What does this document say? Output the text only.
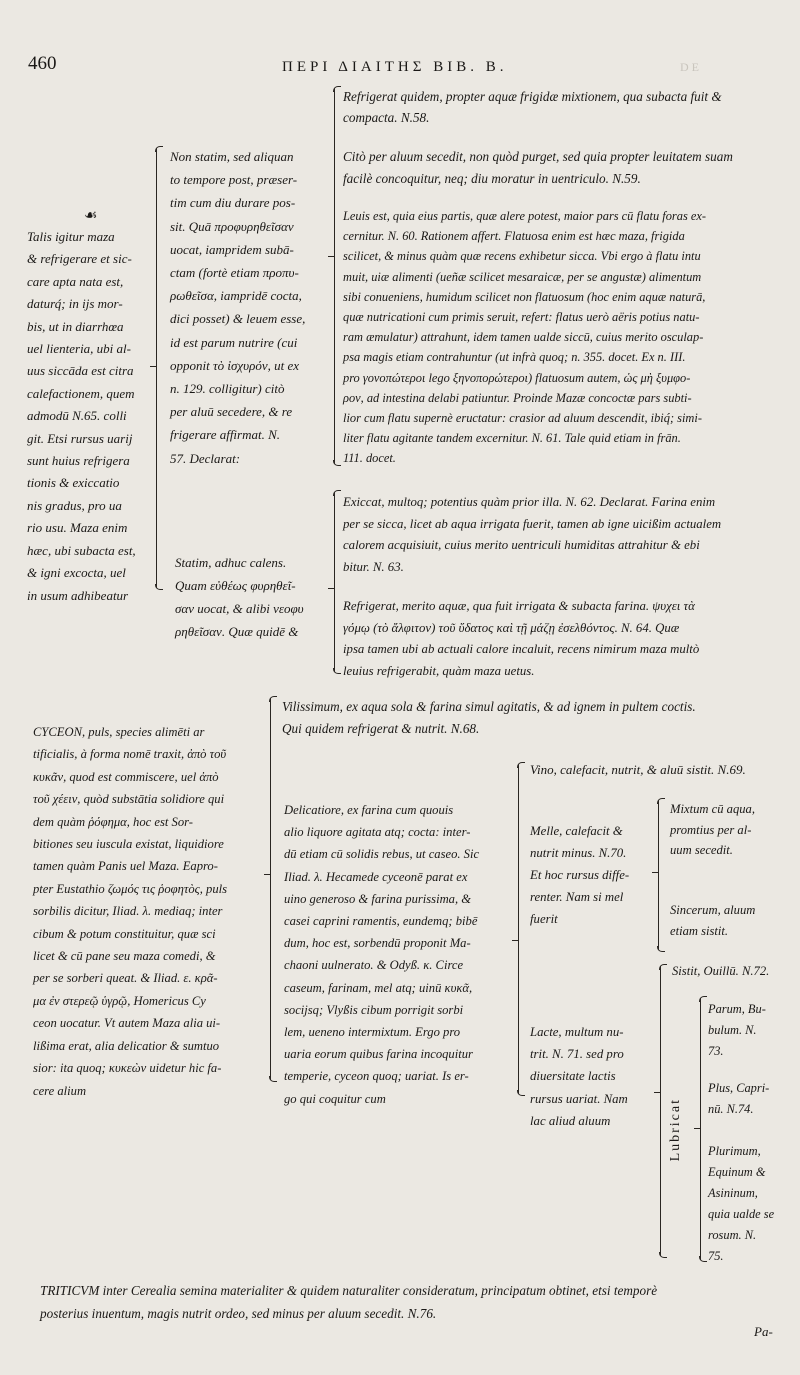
460	ΠΕΡΙ ΔΙΑΙΤΗΣ ΒΙΒ. Β.	D E
☙
Talis igitur maza
& refrigerare et sic-
care apta nata est,
daturq́; in ijs mor-
bis, ut in diarrhœa
uel lienteria, ubi al-
uus siccāda est citra
calefactionem, quem
admodū N.65. colli
git. Etsi rursus uarij
sunt huius refrigera
tionis & exiccatio
nis gradus, pro ua
rio usu. Maza enim
hæc, ubi subacta est,
& igni excocta, uel
in usum adhibeatur
Non statim, sed aliquan
to tempore post, præser-
tim cum diu durare pos-
sit. Quā προφυρηθεῖσαν
uocat, iampridem subā-
ctam (fortè etiam πρoπυ-
ρωθεῖσα, iampridē cocta,
dici posset) & leuem esse,
id est parum nutrire (cui
opponit τὸ ἰσχυρόν, ut ex
n. 129. colligitur) citò
per aluū secedere, & re
frigerare affirmat. N.
57. Declarat:
Refrigerat quidem, propter aquæ frigidæ mixtionem, qua subacta fuit &
compacta. N.58.
Citò per aluum secedit, non quòd purget, sed quia propter leuitatem suam
facilè concoquitur, neq; diu moratur in uentriculo. N.59.
Leuis est, quia eius partis, quæ alere potest, maior pars cū flatu foras ex-
cernitur. N. 60. Rationem affert. Flatuosa enim est hæc maza, frigida
scilicet, & minus quàm quæ recens exhibetur sicca. Vbi ergo à flatu intu
muit, uiæ alimenti (ueñæ scilicet mesaraicæ, per se angustæ) alimentum
sibi conueniens, humidum scilicet non flatuosum (hoc enim aquæ naturā,
quæ nutricationi cum primis seruit, refert: flatus uerò aëris potius natu-
ram æmulatur) attrahunt, idem tamen ualde siccū, cuius merito osculap-
psa magis etiam contrahuntur (ut infrà quoq; n. 355. docet. Ex n. III.
pro γονοπώτεροι lego ξηνοπορώτεροι) flatuosum autem, ὡς μὴ ξυμφο-
ρον, ad intestina delabi patiuntur. Proinde Mazæ concoctæ pars subti-
lior cum flatu supernè eructatur: crasior ad aluum descendit, ibiq́; simi-
liter flatu agitante tandem excernitur. N. 61. Tale quid etiam in frān.
111. docet.
Statim, adhuc calens.
Quam εὐθέως φυρηθεῖ-
σαν uocat, & alibi νεοφυ
ρηθεῖσαν. Quæ quidē &
Exiccat, multoq; potentius quàm prior illa. N. 62. Declarat. Farina enim
per se sicca, licet ab aqua irrigata fuerit, tamen ab igne uicißim actualem
calorem acquisiuit, cuius merito uentriculi humiditas attrahitur & ebi
bitur. N. 63.
Refrigerat, merito aquæ, qua fuit irrigata & subacta farina. ψυχει τὰ
γόμῳ (τὸ ἄλφιτον) τοῦ ὕδατος καὶ τῇ μάζῃ ἐσελθόντος. N. 64. Quæ
ipsa tamen ubi ab actuali calore incaluit, recens nimirum maza multò
leuius refrigerabit, quàm maza uetus.
CYCEON, puls, species alimēti ar
tificialis, à forma nomē traxit, ἀπὸ τοῦ
κυκᾶν, quod est commiscere, uel ἀπὸ
τοῦ χέειν, quòd substātia solidiore qui
dem quàm ῥόφημα, hoc est Sor-
bitiones seu iuscula existat, liquidiore
tamen quàm Panis uel Maza. Eapro-
pter Eustathio ζωμός τις ῥοφητὸς, puls
sorbilis dicitur, Iliad. λ. mediaq; inter
cibum & potum constituitur, quæ sci
licet & cū pane seu maza comedi, &
per se sorberi queat. & Iliad. ε. κρᾶ-
μα ἐν στερεῷ ὑγρῷ, Homericus Cy
ceon uocatur. Vt autem Maza alia ui-
lißima erat, alia delicatior & sumtuo
sior: ita quoq; κυκεὼν uidetur hic fa-
cere alium
Vilissimum, ex aqua sola & farina simul agitatis, & ad ignem in pultem coctis.
Qui quidem refrigerat & nutrit. N.68.
Delicatiore, ex farina cum quouis
alio liquore agitata atq; cocta: inter-
dū etiam cū solidis rebus, ut caseo. Sic
Iliad. λ. Hecamede cyceonē parat ex
uino generoso & farina purissima, &
casei caprini ramentis, eundemq; bibē
dum, hoc est, sorbendū proponit Ma-
chaoni uulnerato. & Odyß. κ. Circe
caseum, farinam, mel atq; uinū κυκᾶ,
socijsq; Vlyßis cibum porrigit sorbi
lem, ueneno intermixtum. Ergo pro
uaria eorum quibus farina incoquitur
temperie, cyceon quoq; uariat. Is er-
go qui coquitur cum
Vino, calefacit, nutrit, & aluū sistit. N.69.
Melle, calefacit &
nutrit minus. N.70.
Et hoc rursus diffe-
renter. Nam si mel
fuerit
Mixtum cū aqua,
promtius per al-
uum secedit.
Sincerum, aluum
etiam sistit.
Lacte, multum nu-
trit. N. 71. sed pro
diuersitate lactis
rursus uariat. Nam
lac aliud aluum
Sistit, Ouillū. N.72.
Lubricat
Parum, Bu-
bulum. N.
73.
Plus, Capri-
nū. N.74.
Plurimum,
Equinum &
Asininum,
quia ualde se
rosum. N.
75.
TRITICVM inter Cerealia semina materialiter & quidem naturaliter consideratum, principatum obtinet, etsi temporè
posterius inuentum, magis nutrit ordeo, sed minus per aluum secedit. N.76.
Pa-
